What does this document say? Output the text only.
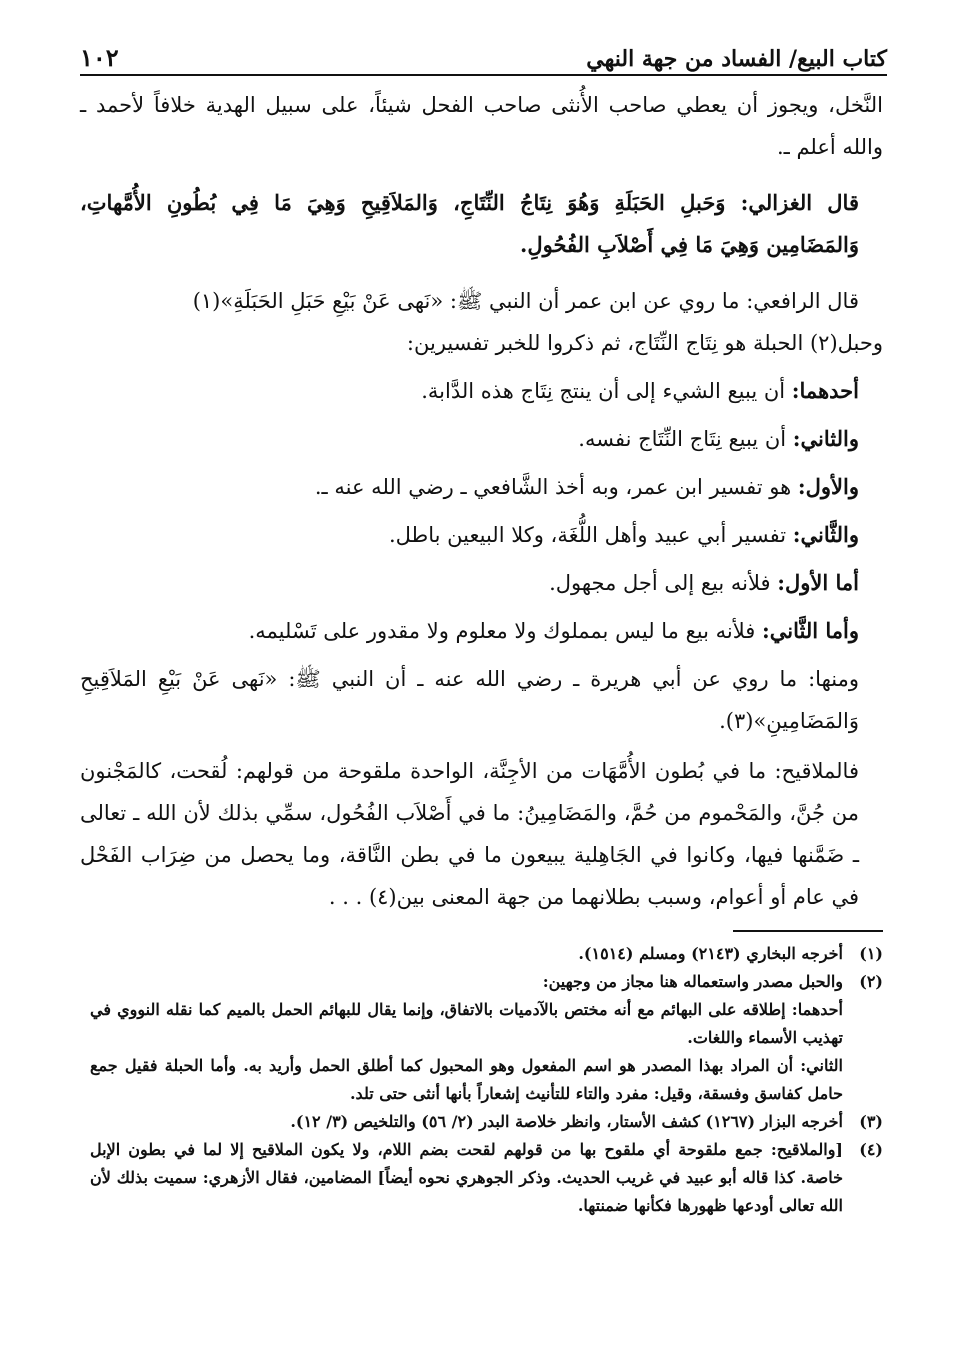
كتاب البيع/ الفساد من جهة النهي
١٠٢

النَّخل، ويجوز أن يعطي صاحب الأُنثى صاحب الفحل شيئاً، على سبيل الهدية خلافاً لأحمد ـ والله أعلم ـ.

قال الغزالي: وَحَبلِ الحَبَلَةِ وَهُوَ نِتَاجُ النِّتَاجِ، وَالمَلاَقِيحِ وَهِيَ مَا فِي بُطُونِ الأُمَّهاتِ، وَالمَضَامِين وَهِيَ مَا فِي أَصْلاَبِ الفُحُولِ.

قال الرافعي: ما روي عن ابن عمر أن النبي ﷺ: «نَهى عَنْ بَيْعِ حَبَلِ الحَبَلَةِ»(١)

وحبل(٢) الحبلة هو نِتَاج النِّتَاج، ثم ذكروا للخبر تفسيرين:

أحدهما: أن يبيع الشيء إلى أن ينتج نِتَاج هذه الدَّابة.

والثاني: أن يبيع نِتَاج النِّتَاج نفسه.

والأول: هو تفسير ابن عمر، وبه أخذ الشَّافعي ـ رضي الله عنه ـ.

والثَّاني: تفسير أبي عبيد وأهل اللُّغَة، وكلا البيعين باطل.

أما الأول: فلأنه بيع إلى أجل مجهول.

وأما الثَّاني: فلأنه بيع ما ليس بمملوك ولا معلوم ولا مقدور على تَسْليمه.

ومنها: ما روي عن أبي هريرة ـ رضي الله عنه ـ أن النبي ﷺ: «نَهى عَنْ بَيْعِ المَلاَقِيحِ وَالمَضَامِينِ»(٣).

فالملاقيح: ما في بُطون الأُمَّهَات من الأجِنَّة، الواحدة ملقوحة من قولهم: لُقحت، كالمَجْنون من جُنَّ، والمَحْموم من حُمَّ، والمَضَامِينُ: ما في أَصْلاَب الفُحُول، سمِّي بذلك لأن الله ـ تعالى ـ ضَمَّنها فيها، وكانوا في الجَاهِلية يبيعون ما في بطن النَّاقة، وما يحصل من ضِرَاب الفَحْل في عام أو أعوام، وسبب بطلانهما من جهة المعنى بين(٤) . . .

(١)
أخرجه البخاري (٢١٤٣) ومسلم (١٥١٤).
(٢)
والحبل مصدر واستعماله هنا مجاز من وجهين:
أحدهما: إطلاقه على البهائم مع أنه مختص بالآدميات بالاتفاق، وإنما يقال للبهائم الحمل بالميم كما نقله النووي في تهذيب الأسماء واللغات.
الثاني: أن المراد بهذا المصدر هو اسم المفعول وهو المحبول كما أطلق الحمل وأريد به. وأما الحبلة فقيل جمع حامل كفاسق وفسقة، وقيل: مفرد والتاء للتأنيث إشعاراً بأنها أنثى حتى تلد.
(٣)
أخرجه البزار (١٢٦٧) كشف الأستار، وانظر خلاصة البدر (٢/ ٥٦) والتلخيص (٣/ ١٢).
(٤)
[والملاقيح: جمع ملقوحة أي ملقوح بها من قولهم لقحت بضم اللام، ولا يكون الملاقيح إلا لما في بطون الإبل خاصة. كذا قاله أبو عبيد في غريب الحديث. وذكر الجوهري نحوه أيضاً] المضامين، فقال الأزهري: سميت بذلك لأن الله تعالى أودعها ظهورها فكأنها ضمنتها.
